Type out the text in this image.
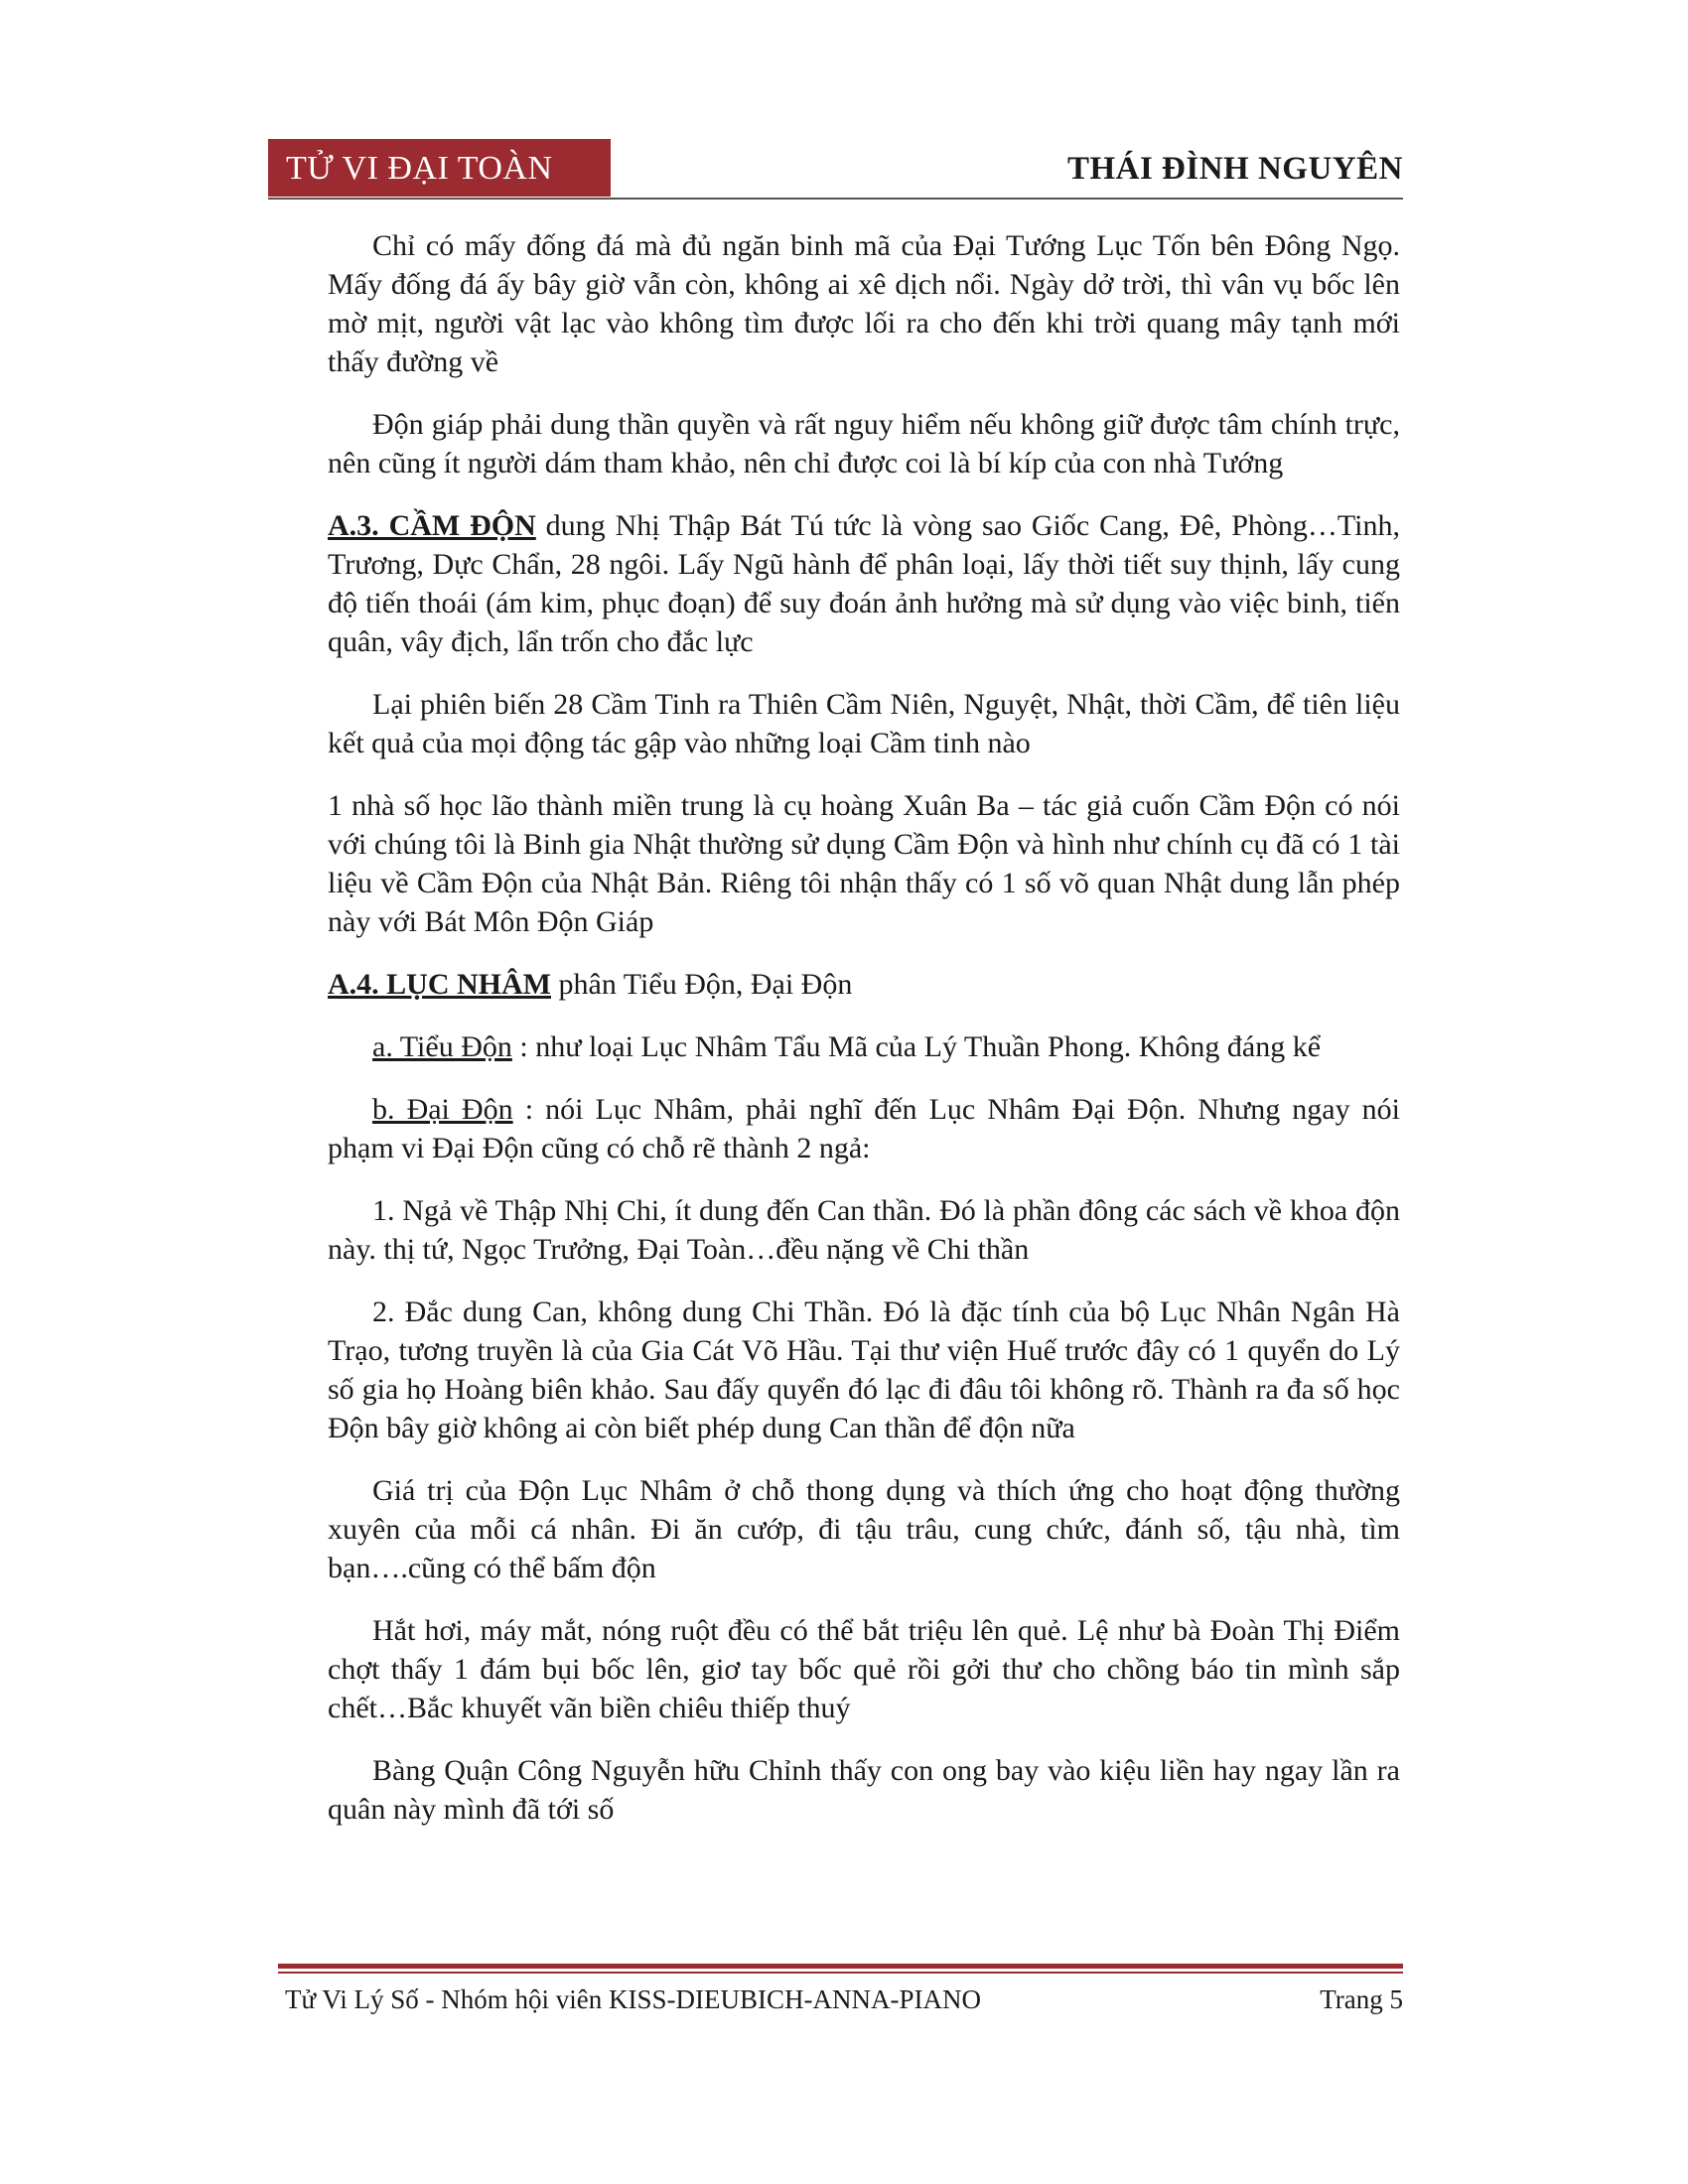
TỬ VI ĐẠI TOÀN	THÁI ĐÌNH NGUYÊN

Chỉ có mấy đống đá mà đủ ngăn binh mã của Đại Tướng Lục Tốn bên Đông Ngọ. Mấy đống đá ấy bây giờ vẫn còn, không ai xê dịch nổi. Ngày dở trời, thì vân vụ bốc lên mờ mịt, người vật lạc vào không tìm được lối ra cho đến khi trời quang mây tạnh mới thấy đường về

Độn giáp phải dung thần quyền và rất nguy hiểm nếu không giữ được tâm chính trực, nên cũng ít người dám tham khảo, nên chỉ được coi là bí kíp của con nhà Tướng

A.3. CẦM ĐỘN dung Nhị Thập Bát Tú tức là vòng sao Giốc Cang, Đê, Phòng…Tinh, Trương, Dực Chẩn, 28 ngôi. Lấy Ngũ hành để phân loại, lấy thời tiết suy thịnh, lấy cung độ tiến thoái (ám kim, phục đoạn) để suy đoán ảnh hưởng mà sử dụng vào việc binh, tiến quân, vây địch, lẩn trốn cho đắc lực

Lại phiên biến 28 Cầm Tinh ra Thiên Cầm Niên, Nguyệt, Nhật, thời Cầm, để tiên liệu kết quả của mọi động tác gập vào những loại Cầm tinh nào

1 nhà số học lão thành miền trung là cụ hoàng Xuân Ba – tác giả cuốn Cầm Độn có nói với chúng tôi là Binh gia Nhật thường sử dụng Cầm Độn và hình như chính cụ đã có 1 tài liệu về Cầm Độn của Nhật Bản. Riêng tôi nhận thấy có 1 số võ quan Nhật dung lẫn phép này với Bát Môn Độn Giáp

A.4. LỤC NHÂM phân Tiểu Độn, Đại Độn

a. Tiểu Độn : như loại Lục Nhâm Tẩu Mã của Lý Thuần Phong. Không đáng kể

b. Đại Độn : nói Lục Nhâm, phải nghĩ đến Lục Nhâm Đại Độn. Nhưng ngay nói phạm vi Đại Độn cũng có chỗ rẽ thành 2 ngả:

1. Ngả về Thập Nhị Chi, ít dung đến Can thần. Đó là phần đông các sách về khoa độn này. thị tứ, Ngọc Trưởng, Đại Toàn…đều nặng về Chi thần

2. Đắc dung Can, không dung Chi Thần. Đó là đặc tính của bộ Lục Nhân Ngân Hà Trạo, tương truyền là của Gia Cát Võ Hầu. Tại thư viện Huế trước đây có 1 quyển do Lý số gia họ Hoàng biên khảo. Sau đấy quyển đó lạc đi đâu tôi không rõ. Thành ra đa số học Độn bây giờ không ai còn biết phép dung Can thần để độn nữa

Giá trị của Độn Lục Nhâm ở chỗ thong dụng và thích ứng cho hoạt động thường xuyên của mỗi cá nhân. Đi ăn cướp, đi tậu trâu, cung chức, đánh số, tậu nhà, tìm bạn….cũng có thể bấm độn

Hắt hơi, máy mắt, nóng ruột đều có thể bắt triệu lên quẻ. Lệ như bà Đoàn Thị Điểm chợt thấy 1 đám bụi bốc lên, giơ tay bốc quẻ rồi gởi thư cho chồng báo tin mình sắp chết…Bắc khuyết vãn biền chiêu thiếp thuý

Bàng Quận Công Nguyễn hữu Chỉnh thấy con ong bay vào kiệu liền hay ngay lần ra quân này mình đã tới số

Tử Vi Lý Số - Nhóm hội viên KISS-DIEUBICH-ANNA-PIANO	Trang 5
